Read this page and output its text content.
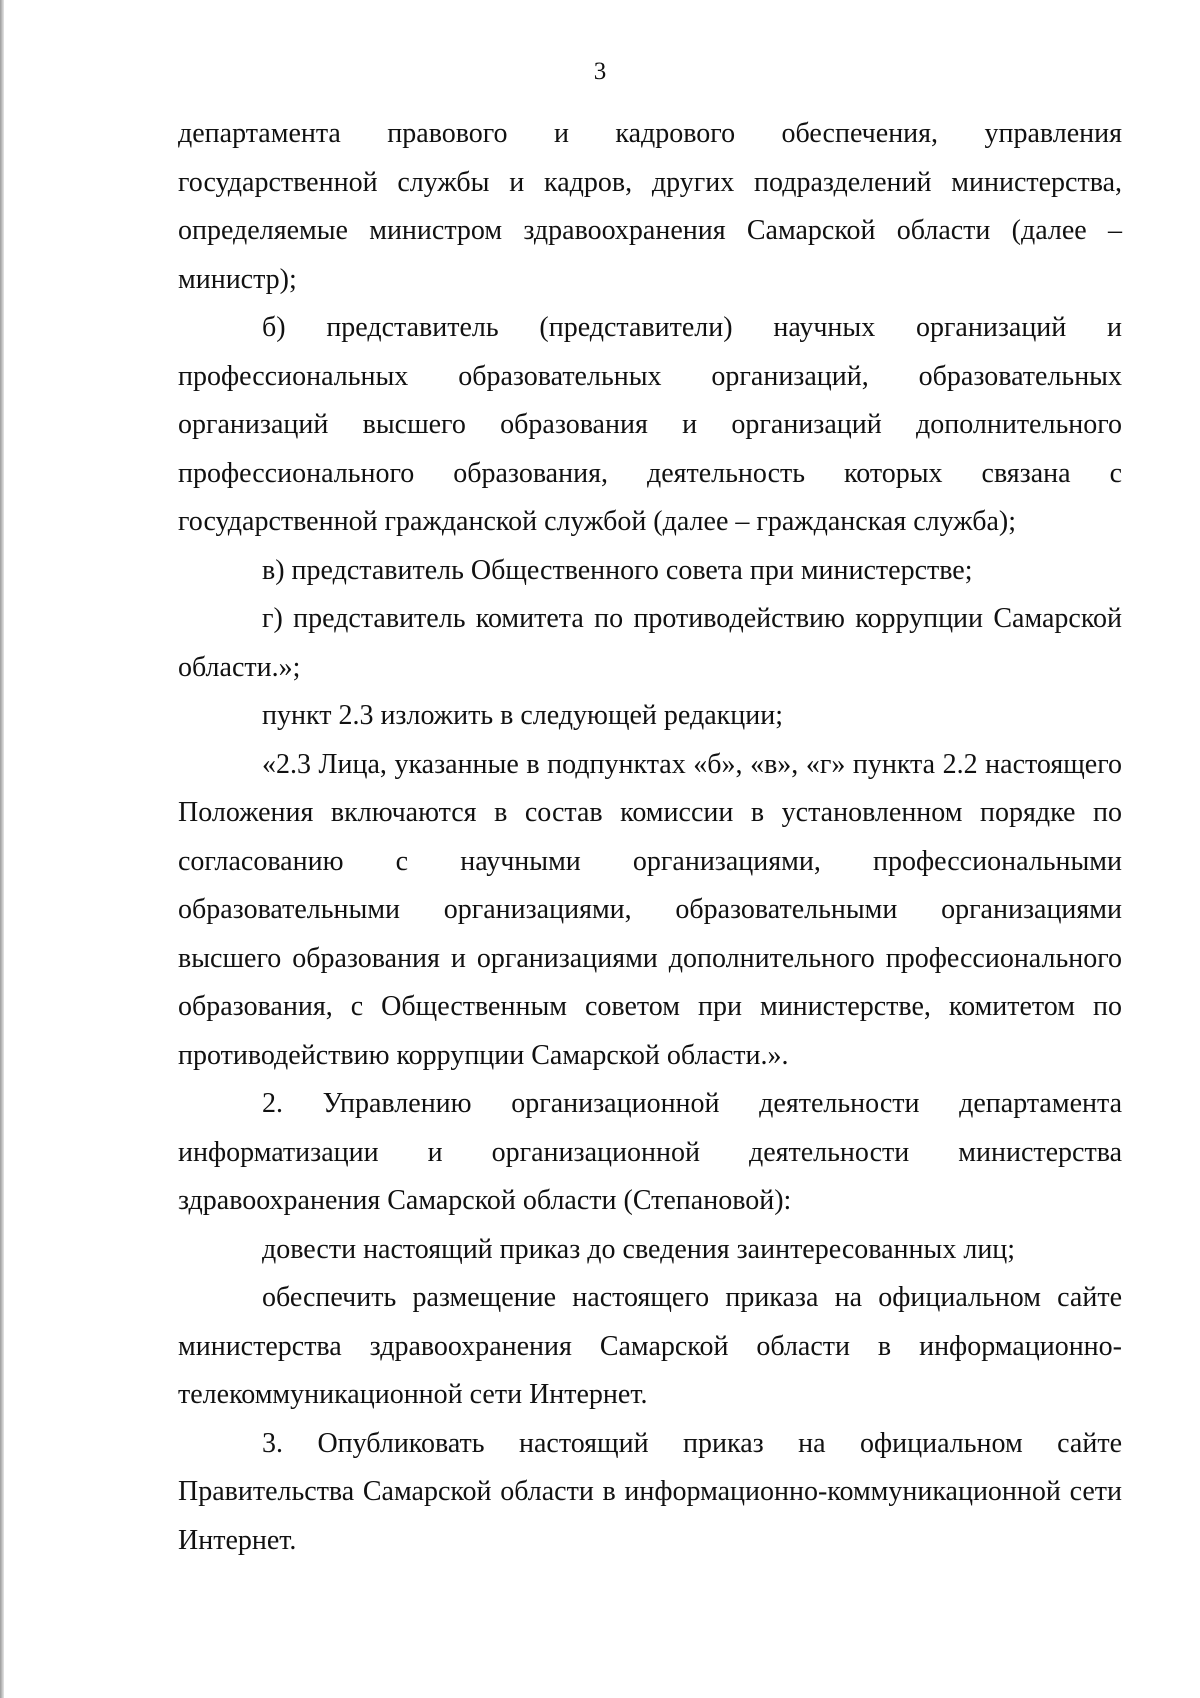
3

департамента правового и кадрового обеспечения, управления государственной службы и кадров, других подразделений министерства, определяемые министром здравоохранения Самарской области (далее – министр);

б) представитель (представители) научных организаций и профессиональных образовательных организаций, образовательных организаций высшего образования и организаций дополнительного профессионального образования, деятельность которых связана с государственной гражданской службой (далее – гражданская служба);

в) представитель Общественного совета при министерстве;

г) представитель комитета по противодействию коррупции Самарской области.»;

пункт 2.3 изложить в следующей редакции;

«2.3 Лица, указанные в подпунктах «б», «в», «г» пункта 2.2 настоящего Положения включаются в состав комиссии в установленном порядке по согласованию с научными организациями, профессиональными образовательными организациями, образовательными организациями высшего образования и организациями дополнительного профессионального образования, с Общественным советом при министерстве, комитетом по противодействию коррупции Самарской области.».

2. Управлению организационной деятельности департамента информатизации и организационной деятельности министерства здравоохранения Самарской области (Степановой):

довести настоящий приказ до сведения заинтересованных лиц;

обеспечить размещение настоящего приказа на официальном сайте министерства здравоохранения Самарской области в информационно-телекоммуникационной сети Интернет.

3. Опубликовать настоящий приказ на официальном сайте Правительства Самарской области в информационно-коммуникационной сети Интернет.
